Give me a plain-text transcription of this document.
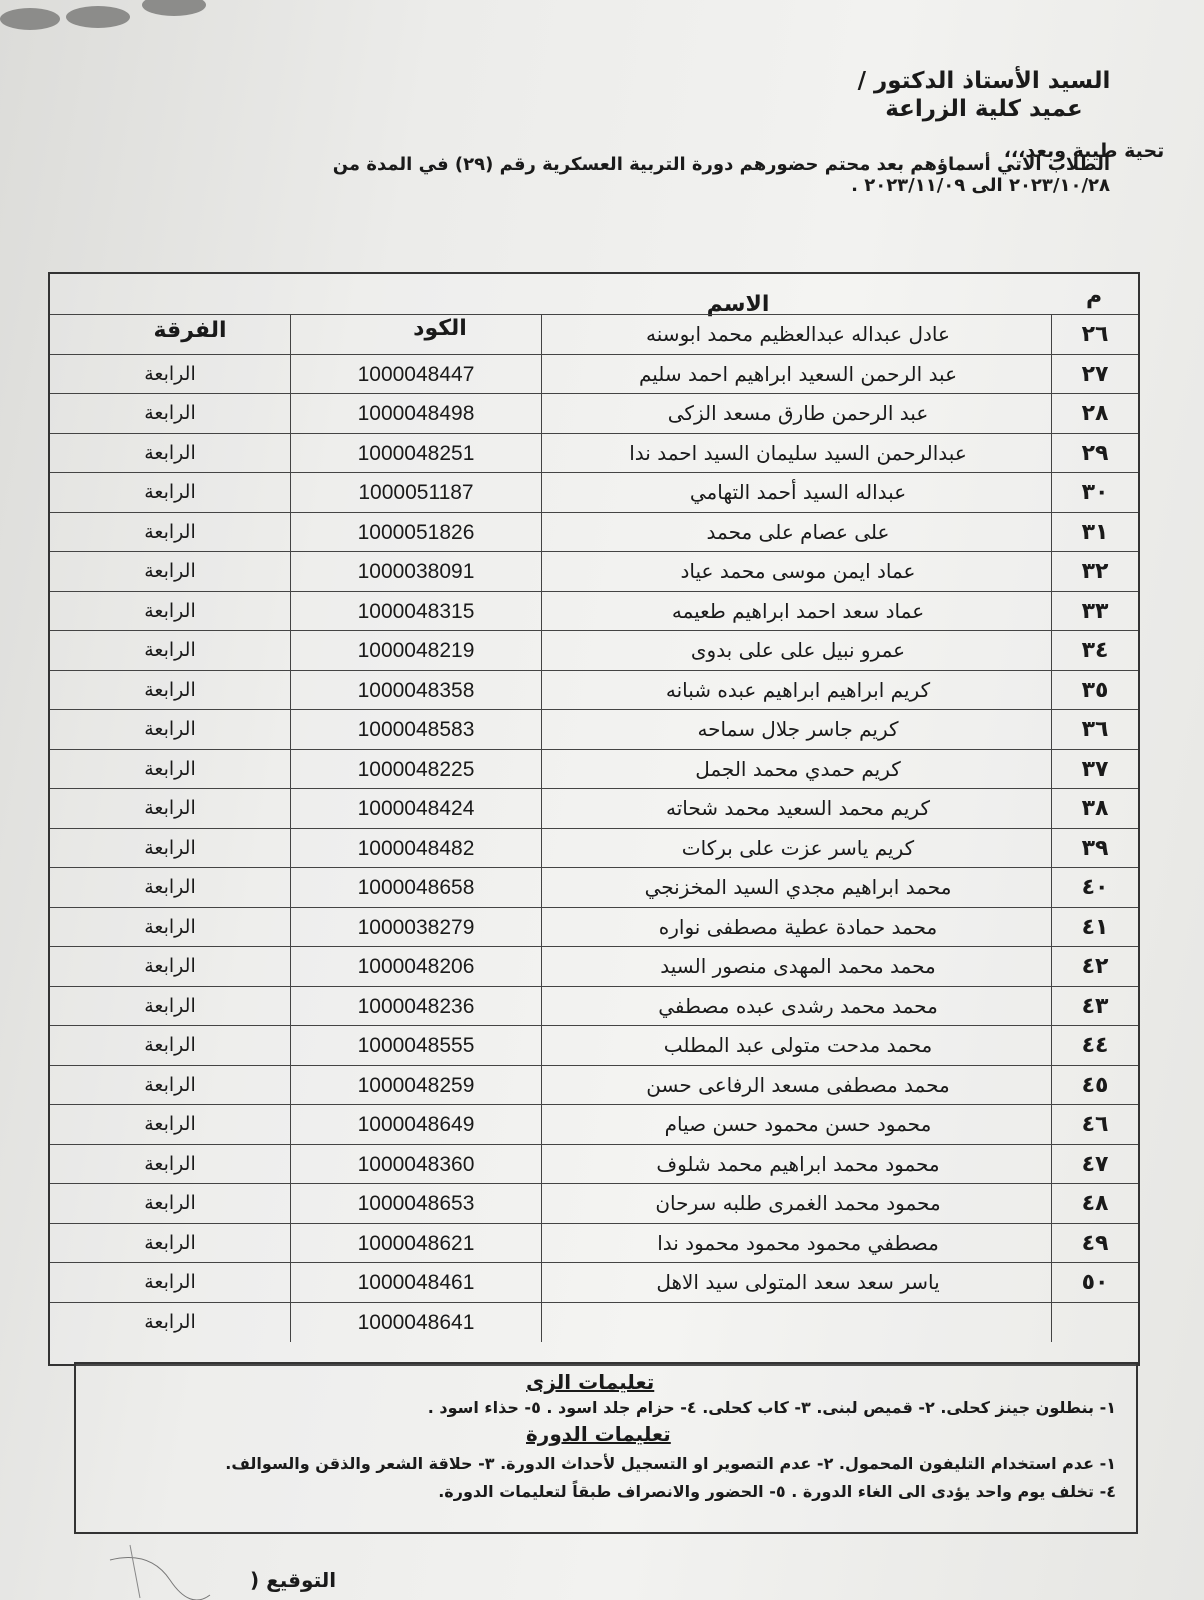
السيد الأستاذ الدكتور /
عميد كلية الزراعة
تحية طيبة وبعد،،،
الطلاب الاتي أسماؤهم بعد محتم حضورهم دورة التربية العسكرية رقم (٢٩) في المدة من ٢٠٢٣/١٠/٢٨ الى ٢٠٢٣/١١/٠٩ .
م
الاسم
الكود
الفرقة	٢٦
عادل عبداله عبدالعظيم محمد ابوسنه
٢٧
عبد الرحمن السعيد ابراهيم احمد سليم
1000048447
الرابعة
٢٨
عبد الرحمن طارق مسعد الزكى
1000048498
الرابعة
٢٩
عبدالرحمن السيد سليمان السيد احمد ندا
1000048251
الرابعة
٣٠
عبداله السيد أحمد التهامي
1000051187
الرابعة
٣١
على عصام على محمد
1000051826
الرابعة
٣٢
عماد ايمن موسى محمد عياد
1000038091
الرابعة
٣٣
عماد سعد احمد ابراهيم طعيمه
1000048315
الرابعة
٣٤
عمرو نبيل على على بدوى
1000048219
الرابعة
٣٥
كريم ابراهيم ابراهيم عبده شبانه
1000048358
الرابعة
٣٦
كريم جاسر جلال سماحه
1000048583
الرابعة
٣٧
كريم حمدي محمد الجمل
1000048225
الرابعة
٣٨
كريم محمد السعيد محمد شحاته
1000048424
الرابعة
٣٩
كريم ياسر عزت على بركات
1000048482
الرابعة
٤٠
محمد ابراهيم مجدي السيد المخزنجي
1000048658
الرابعة
٤١
محمد حمادة عطية مصطفى نواره
1000038279
الرابعة
٤٢
محمد محمد المهدى منصور السيد
1000048206
الرابعة
٤٣
محمد محمد رشدى عبده مصطفي
1000048236
الرابعة
٤٤
محمد مدحت متولى عبد المطلب
1000048555
الرابعة
٤٥
محمد مصطفى مسعد الرفاعى حسن
1000048259
الرابعة
٤٦
محمود حسن محمود حسن صيام
1000048649
الرابعة
٤٧
محمود محمد ابراهيم محمد شلوف
1000048360
الرابعة
٤٨
محمود محمد الغمرى طلبه سرحان
1000048653
الرابعة
٤٩
مصطفي محمود محمود محمود ندا
1000048621
الرابعة
٥٠
ياسر سعد سعد المتولى سيد الاهل
1000048461
الرابعة
1000048641
الرابعة
تعليمات الزى
١- بنطلون جينز كحلى. ٢- قميص لبنى. ٣- كاب كحلى. ٤- حزام جلد اسود . ٥- حذاء اسود .
تعليمات الدورة
١- عدم استخدام التليفون المحمول. ٢- عدم التصوير او التسجيل لأحداث الدورة. ٣- حلاقة الشعر والذقن والسوالف.
٤- تخلف يوم واحد يؤدى الى الغاء الدورة . ٥- الحضور والانصراف طبقاً لتعليمات الدورة.
التوقيع (
